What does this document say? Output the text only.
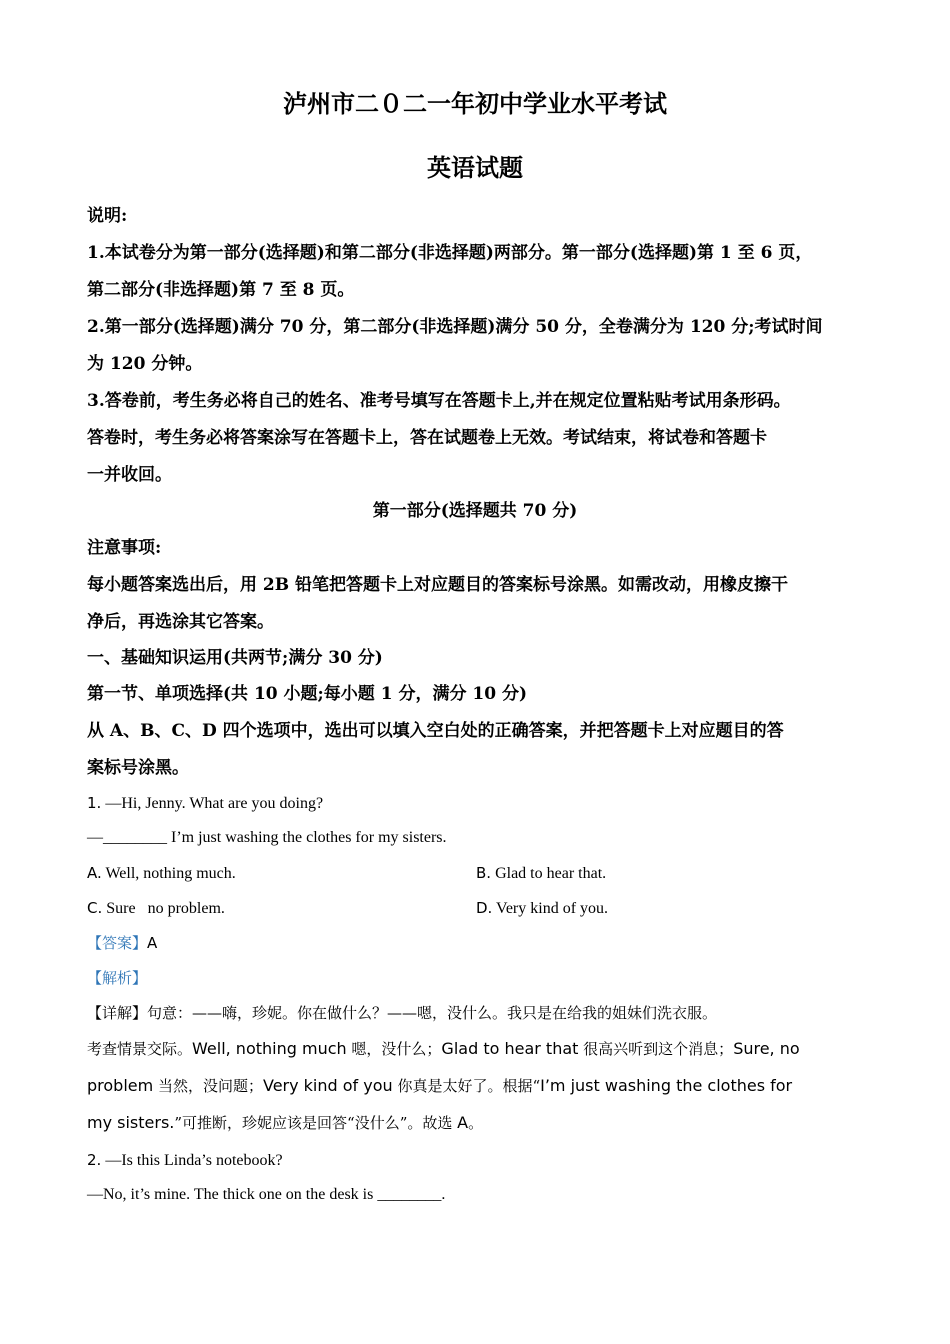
泸州市二０二一年初中学业水平考试
英语试题
说明:
1.本试卷分为第一部分(选择题)和第二部分(非选择题)两部分。第一部分(选择题)第 1 至 6 页，
第二部分(非选择题)第 7 至 8 页。
2.第一部分(选择题)满分 70 分，第二部分(非选择题)满分 50 分，全卷满分为 120 分;考试时间
为 120 分钟。
3.答卷前，考生务必将自己的姓名、准考号填写在答题卡上,并在规定位置粘贴考试用条形码。
答卷时，考生务必将答案涂写在答题卡上，答在试题卷上无效。考试结束，将试卷和答题卡
一并收回。
第一部分(选择题共 70 分)
注意事项:
每小题答案选出后，用 2B 铅笔把答题卡上对应题目的答案标号涂黑。如需改动，用橡皮擦干
净后，再选涂其它答案。
一、基础知识运用(共两节;满分 30 分)
第一节、单项选择(共 10 小题;每小题 1 分，满分 10 分)
从 A、B、C、D 四个选项中，选出可以填入空白处的正确答案，并把答题卡上对应题目的答
案标号涂黑。
1. —Hi, Jenny. What are you doing?
—________ I’m just washing the clothes for my sisters.
A. Well, nothing much.	B. Glad to hear that.
C. Sure   no problem.	D. Very kind of you.
【答案】A
【解析】
【详解】句意：——嗨，珍妮。你在做什么？——嗯，没什么。我只是在给我的姐妹们洗衣服。
考查情景交际。Well, nothing much 嗯，没什么；Glad to hear that 很高兴听到这个消息；Sure, no
problem 当然，没问题；Very kind of you 你真是太好了。根据“I’m just washing the clothes for
my sisters.”可推断，珍妮应该是回答“没什么”。故选 A。
2. —Is this Linda’s notebook?
—No, it’s mine. The thick one on the desk is ________.
